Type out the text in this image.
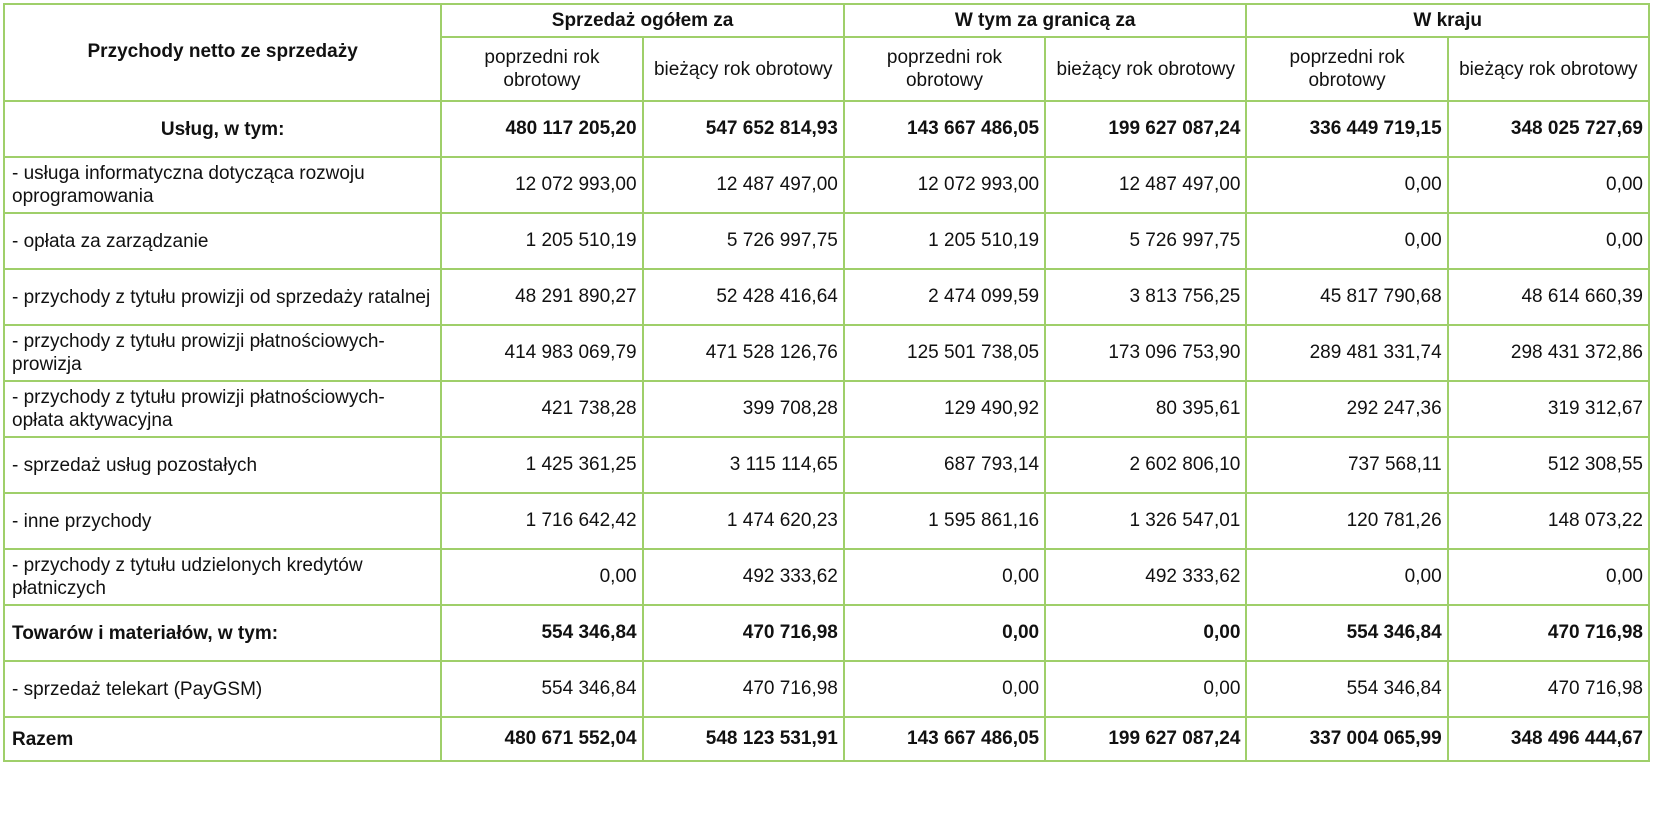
Przychody netto ze sprzedaży	Sprzedaż ogółem za		W tym za granicą za		W kraju	
	poprzedni rok obrotowy	bieżący rok obrotowy	poprzedni rok obrotowy	bieżący rok obrotowy	poprzedni rok obrotowy	bieżący rok obrotowy
Usług, w tym:	480 117 205,20	547 652 814,93	143 667 486,05	199 627 087,24	336 449 719,15	348 025 727,69
- usługa informatyczna dotycząca rozwoju oprogramowania	12 072 993,00	12 487 497,00	12 072 993,00	12 487 497,00	0,00	0,00
- opłata za zarządzanie	1 205 510,19	5 726 997,75	1 205 510,19	5 726 997,75	0,00	0,00
- przychody z tytułu prowizji od sprzedaży ratalnej	48 291 890,27	52 428 416,64	2 474 099,59	3 813 756,25	45 817 790,68	48 614 660,39
- przychody z tytułu prowizji płatnościowych-prowizja	414 983 069,79	471 528 126,76	125 501 738,05	173 096 753,90	289 481 331,74	298 431 372,86
- przychody z tytułu prowizji płatnościowych-opłata aktywacyjna	421 738,28	399 708,28	129 490,92	80 395,61	292 247,36	319 312,67
- sprzedaż usług pozostałych	1 425 361,25	3 115 114,65	687 793,14	2 602 806,10	737 568,11	512 308,55
- inne przychody	1 716 642,42	1 474 620,23	1 595 861,16	1 326 547,01	120 781,26	148 073,22
- przychody z tytułu udzielonych kredytów płatniczych	0,00	492 333,62	0,00	492 333,62	0,00	0,00
Towarów i materiałów, w tym:	554 346,84	470 716,98	0,00	0,00	554 346,84	470 716,98
- sprzedaż telekart (PayGSM)	554 346,84	470 716,98	0,00	0,00	554 346,84	470 716,98
Razem	480 671 552,04	548 123 531,91	143 667 486,05	199 627 087,24	337 004 065,99	348 496 444,67
